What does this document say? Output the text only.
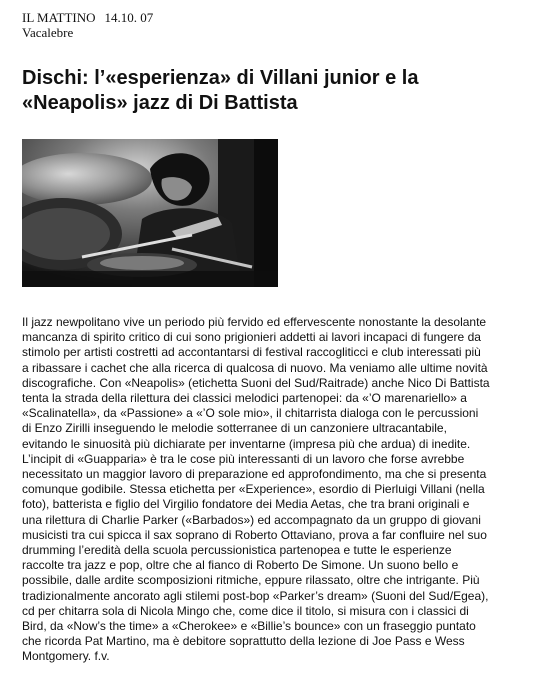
IL MATTINO 14.10. 07
Vacalebre
Dischi: l’«esperienza» di Villani junior e la
«Neapolis» jazz di Di Battista
Il jazz newpolitano vive un periodo più fervido ed effervescente nonostante la desolante
mancanza di spirito critico di cui sono prigionieri addetti ai lavori incapaci di fungere da
stimolo per artisti costretti ad accontantarsi di festival raccogliticci e club interessati più
a ribassare i cachet che alla ricerca di qualcosa di nuovo. Ma veniamo alle ultime novità
discografiche. Con «Neapolis» (etichetta Suoni del Sud/Raitrade) anche Nico Di Battista
tenta la strada della rilettura dei classici melodici partenopei: da «’O marenariello» a
«Scalinatella», da «Passione» a «’O sole mio», il chitarrista dialoga con le percussioni
di Enzo Zirilli inseguendo le melodie sotterranee di un canzoniere ultracantabile,
evitando le sinuosità più dichiarate per inventarne (impresa più che ardua) di inedite.
L’incipit di «Guapparia» è tra le cose più interessanti di un lavoro che forse avrebbe
necessitato un maggior lavoro di preparazione ed approfondimento, ma che si presenta
comunque godibile. Stessa etichetta per «Experience», esordio di Pierluigi Villani (nella
foto), batterista e figlio del Virgilio fondatore dei Media Aetas, che tra brani originali e
una rilettura di Charlie Parker («Barbados») ed accompagnato da un gruppo di giovani
musicisti tra cui spicca il sax soprano di Roberto Ottaviano, prova a far confluire nel suo
drumming l’eredità della scuola percussionistica partenopea e tutte le esperienze
raccolte tra jazz e pop, oltre che al fianco di Roberto De Simone. Un suono bello e
possibile, dalle ardite scomposizioni ritmiche, eppure rilassato, oltre che intrigante. Più
tradizionalmente ancorato agli stilemi post-bop «Parker’s dream» (Suoni del Sud/Egea),
cd per chitarra sola di Nicola Mingo che, come dice il titolo, si misura con i classici di
Bird, da «Now’s the time» a «Cherokee» e «Billie’s bounce» con un fraseggio puntato
che ricorda Pat Martino, ma è debitore soprattutto della lezione di Joe Pass e Wess
Montgomery. f.v.
